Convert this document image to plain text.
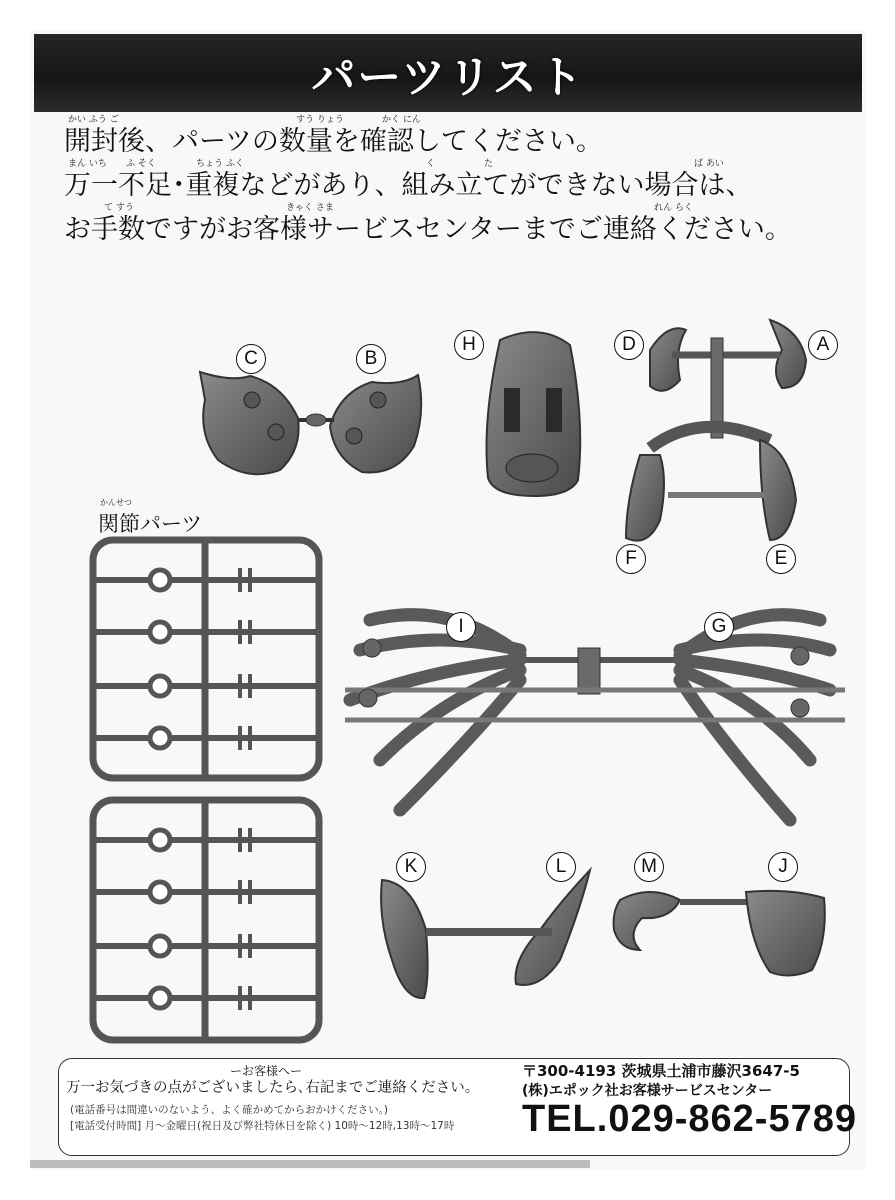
パーツリスト
かい ふう ご	すう りょう	かく にん
開封後、パーツの数量を確認してください。
まん いち ふ そく	ちょう ふく	く	た	ば あい
万一不足･重複などがあり、組み立てができない場合は、
て すう	きゃく さま	れん らく
お手数ですがお客様サービスセンターまでご連絡ください。
C	B
H	D	A
F	E
I	G
K	L	M	J
かんせつ
関節パーツ
ーお客様へー
万一お気づきの点がございましたら､右記までご連絡ください｡
(電話番号は間違いのないよう、よく確かめてからおかけください。)
[電話受付時間] 月～金曜日(祝日及び弊社特休日を除く) 10時～12時,13時～17時
〒300-4193 茨城県土浦市藤沢3647-5
(株)エポック社お客様サービスセンター
TEL.029-862-5789
